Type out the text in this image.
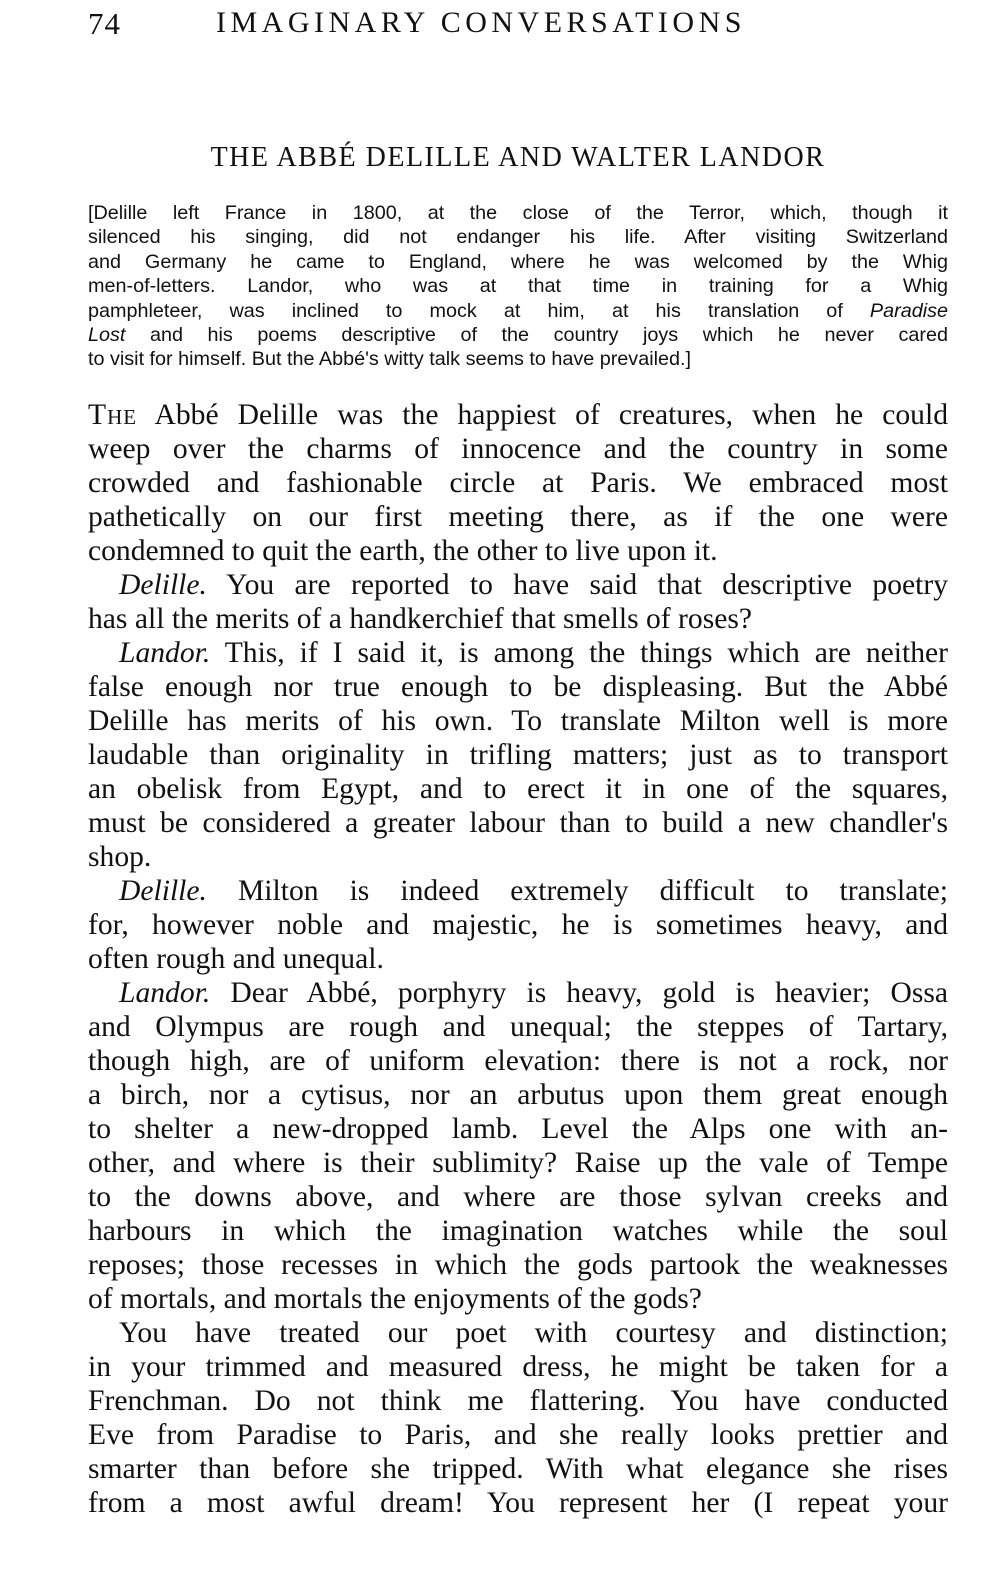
74	IMAGINARY CONVERSATIONS
THE ABBÉ DELILLE AND WALTER LANDOR
[Delille left France in 1800, at the close of the Terror, which, though it
silenced his singing, did not endanger his life. After visiting Switzerland
and Germany he came to England, where he was welcomed by the Whig
men-of-letters. Landor, who was at that time in training for a Whig
pamphleteer, was inclined to mock at him, at his translation of Paradise
Lost and his poems descriptive of the country joys which he never cared
to visit for himself. But the Abbé's witty talk seems to have prevailed.]
The Abbé Delille was the happiest of creatures, when he could
weep over the charms of innocence and the country in some
crowded and fashionable circle at Paris. We embraced most
pathetically on our first meeting there, as if the one were
condemned to quit the earth, the other to live upon it.
Delille. You are reported to have said that descriptive poetry
has all the merits of a handkerchief that smells of roses?
Landor. This, if I said it, is among the things which are neither
false enough nor true enough to be displeasing. But the Abbé
Delille has merits of his own. To translate Milton well is more
laudable than originality in trifling matters; just as to transport
an obelisk from Egypt, and to erect it in one of the squares,
must be considered a greater labour than to build a new chandler's
shop.
Delille. Milton is indeed extremely difficult to translate;
for, however noble and majestic, he is sometimes heavy, and
often rough and unequal.
Landor. Dear Abbé, porphyry is heavy, gold is heavier; Ossa
and Olympus are rough and unequal; the steppes of Tartary,
though high, are of uniform elevation: there is not a rock, nor
a birch, nor a cytisus, nor an arbutus upon them great enough
to shelter a new-dropped lamb. Level the Alps one with an-
other, and where is their sublimity? Raise up the vale of Tempe
to the downs above, and where are those sylvan creeks and
harbours in which the imagination watches while the soul
reposes; those recesses in which the gods partook the weaknesses
of mortals, and mortals the enjoyments of the gods?
You have treated our poet with courtesy and distinction;
in your trimmed and measured dress, he might be taken for a
Frenchman. Do not think me flattering. You have conducted
Eve from Paradise to Paris, and she really looks prettier and
smarter than before she tripped. With what elegance she rises
from a most awful dream! You represent her (I repeat your
